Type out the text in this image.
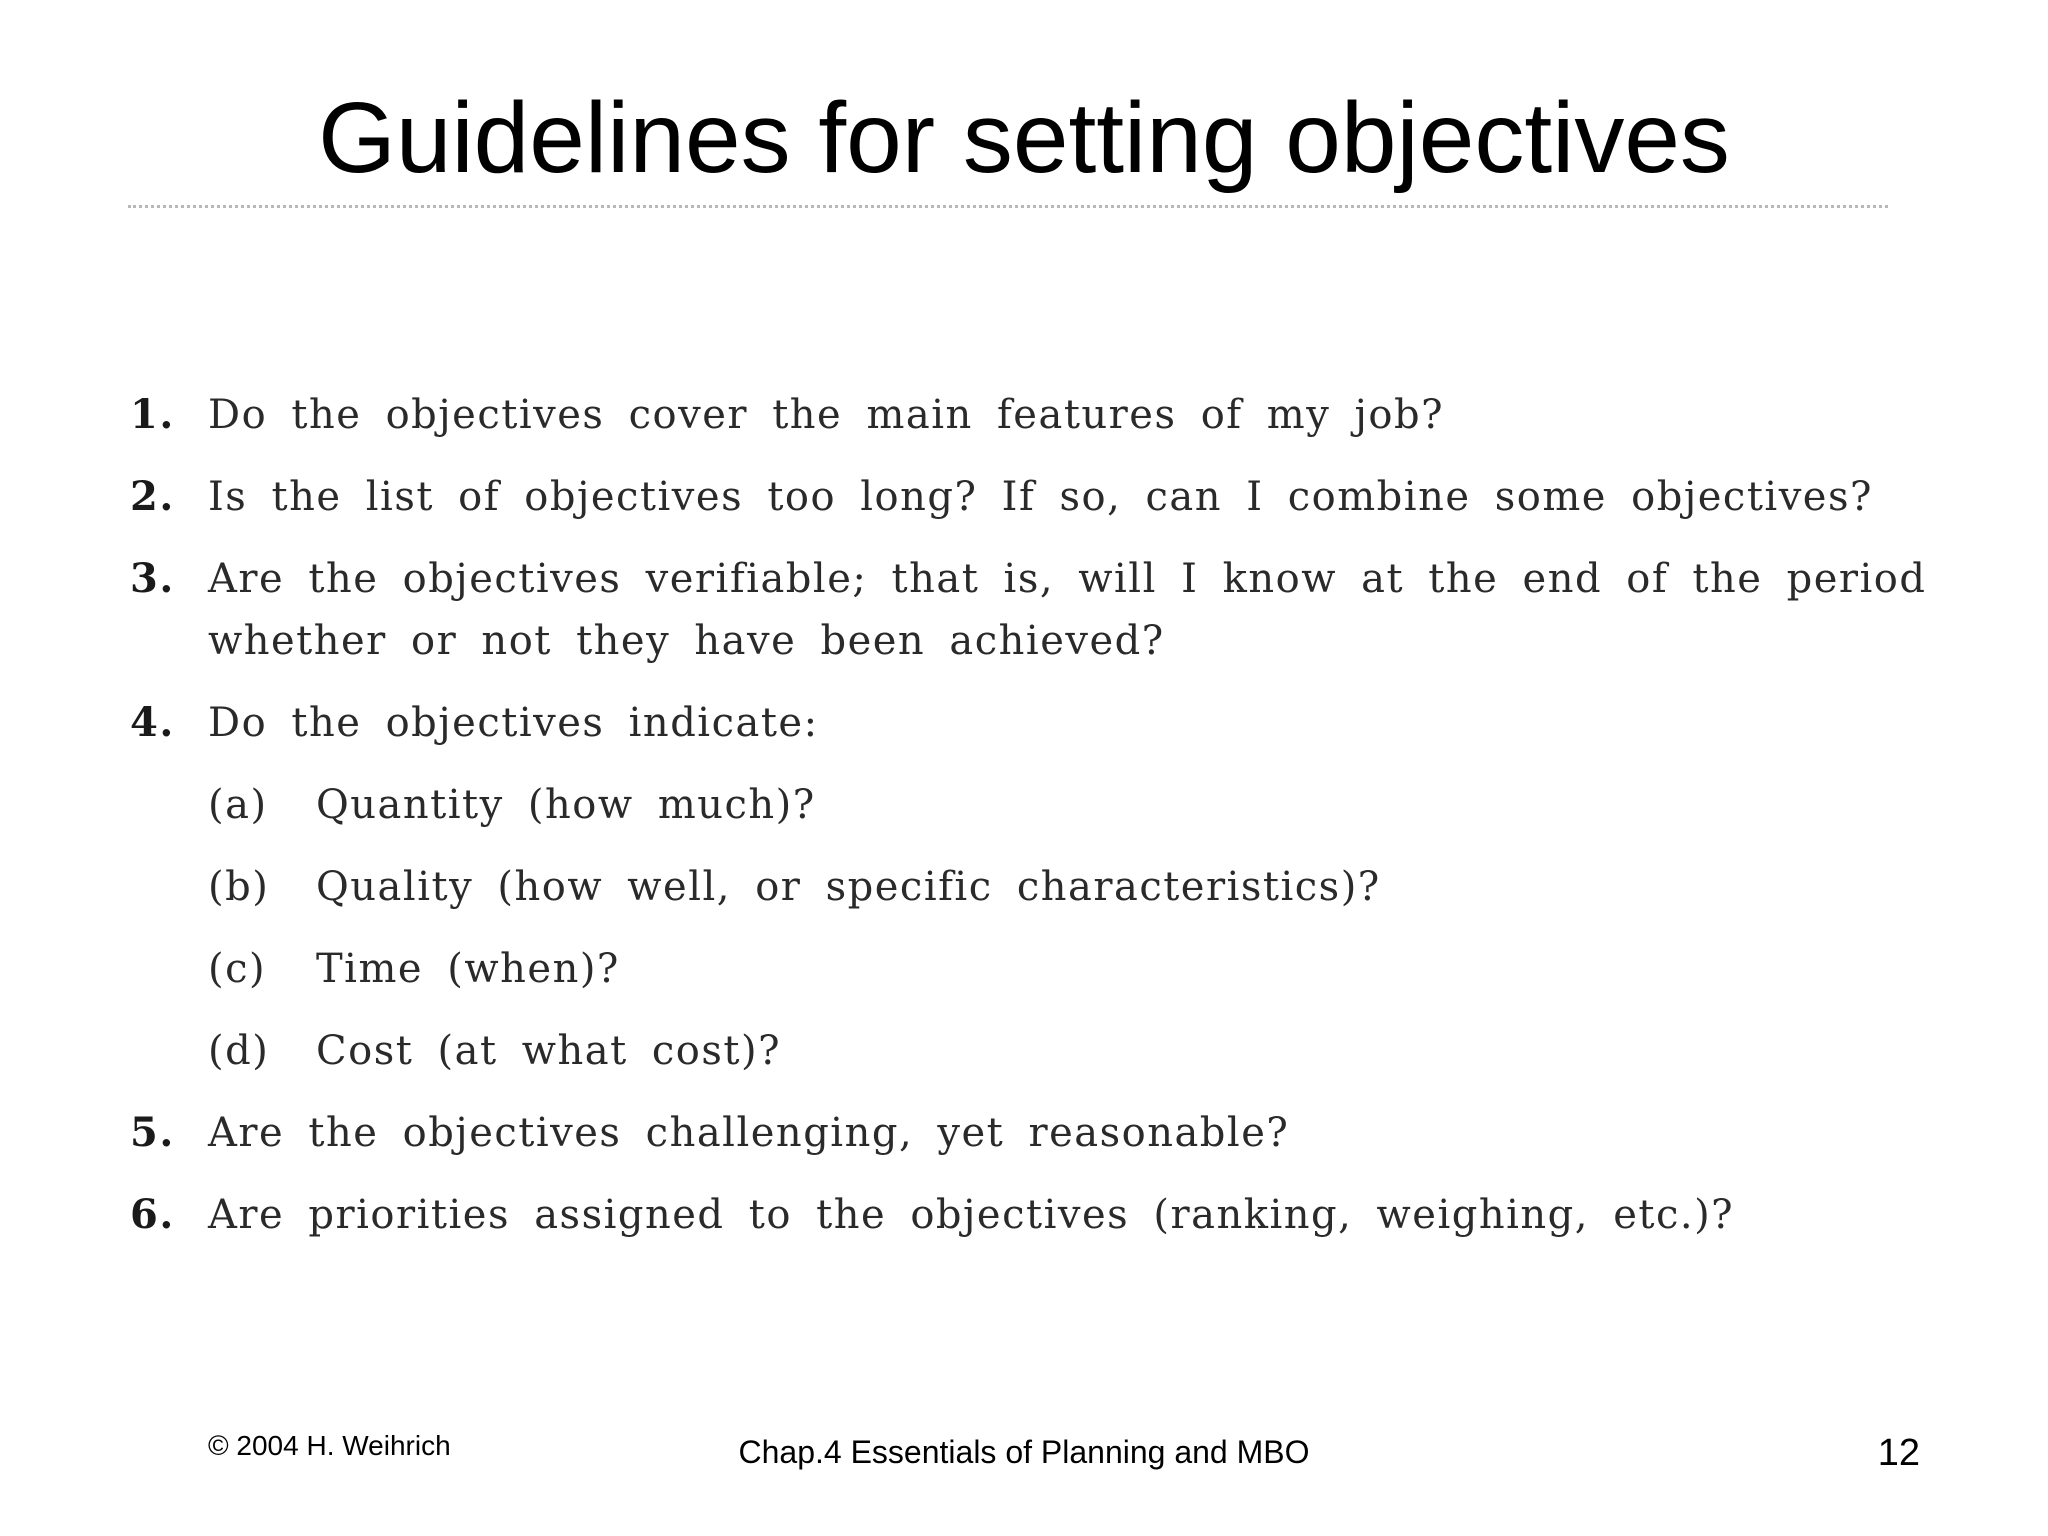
Guidelines for setting objectives
1. Do the objectives cover the main features of my job?
2. Is the list of objectives too long? If so, can I combine some objectives?
3. Are the objectives verifiable; that is, will I know at the end of the period whether or not they have been achieved?
4. Do the objectives indicate:
(a) Quantity (how much)?
(b) Quality (how well, or specific characteristics)?
(c) Time (when)?
(d) Cost (at what cost)?
5. Are the objectives challenging, yet reasonable?
6. Are priorities assigned to the objectives (ranking, weighing, etc.)?
© 2004 H. Weihrich	Chap.4 Essentials of Planning and MBO	12
